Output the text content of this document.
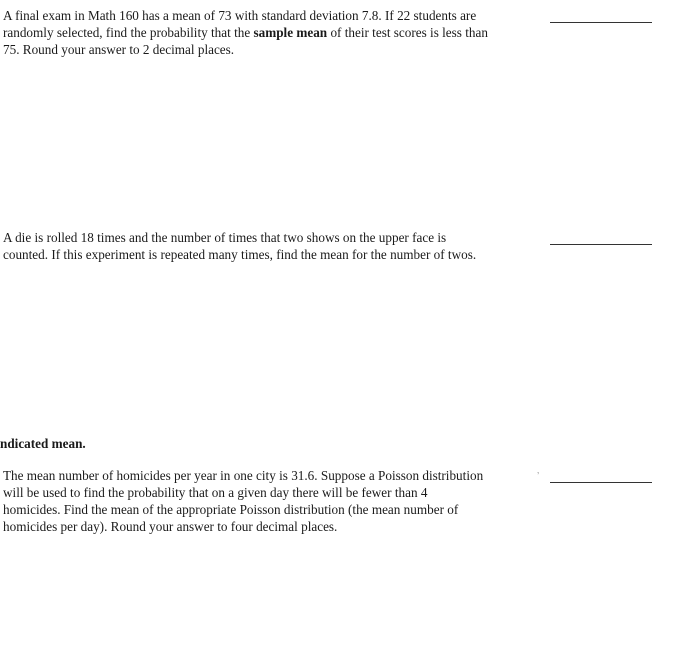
A final exam in Math 160 has a mean of 73 with standard deviation 7.8. If 22 students are
randomly selected, find the probability that the sample mean of their test scores is less than
75. Round your answer to 2 decimal places.
A die is rolled 18 times and the number of times that two shows on the upper face is
counted. If this experiment is repeated many times, find the mean for the number of twos.

ndicated mean.

The mean number of homicides per year in one city is 31.6. Suppose a Poisson distribution
will be used to find the probability that on a given day there will be fewer than 4
homicides. Find the mean of the appropriate Poisson distribution (the mean number of
homicides per day). Round your answer to four decimal places.
’
